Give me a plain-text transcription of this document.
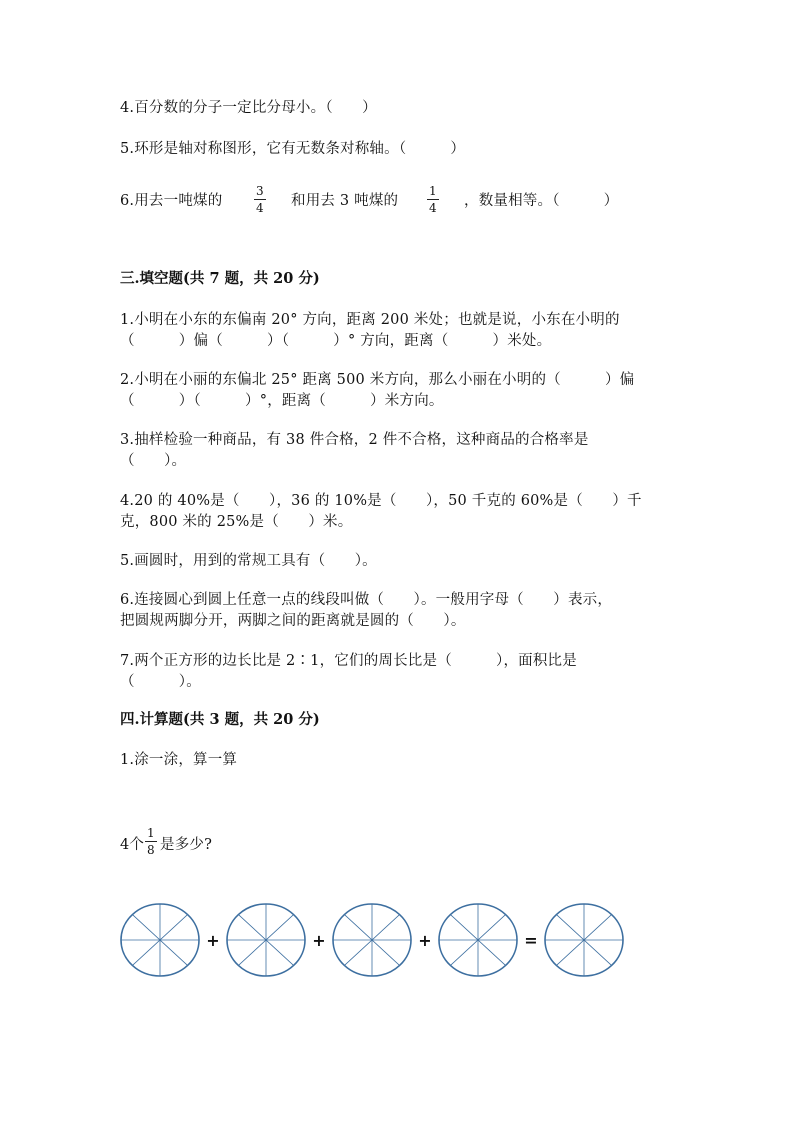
4.百分数的分子一定比分母小。（　　）
5.环形是轴对称图形，它有无数条对称轴。（　　　）
6.用去一吨煤的
3
4 和用去 3 吨煤的
1
4 ，数量相等。（　　　）
三.填空题(共 7 题，共 20 分)
1.小明在小东的东偏南 20° 方向，距离 200 米处；也就是说，小东在小明的
（　　　）偏（　　　）（　　　）° 方向，距离（　　　）米处。
2.小明在小丽的东偏北 25° 距离 500 米方向，那么小丽在小明的（　　　）偏
（　　　）（　　　）°，距离（　　　）米方向。
3.抽样检验一种商品，有 38 件合格，2 件不合格，这种商品的合格率是
（　　）。
4.20 的 40%是（　　），36 的 10%是（　　），50 千克的 60%是（　　）千
克，800 米的 25%是（　　）米。
5.画圆时，用到的常规工具有（　　）。
6.连接圆心到圆上任意一点的线段叫做（　　）。一般用字母（　　）表示，
把圆规两脚分开，两脚之间的距离就是圆的（　　）。
7.两个正方形的边长比是 2∶1，它们的周长比是（　　　），面积比是
（　　　）。
四.计算题(共 3 题，共 20 分)
1.涂一涂，算一算
4个
1
8 是多少?
+	+	+	=
